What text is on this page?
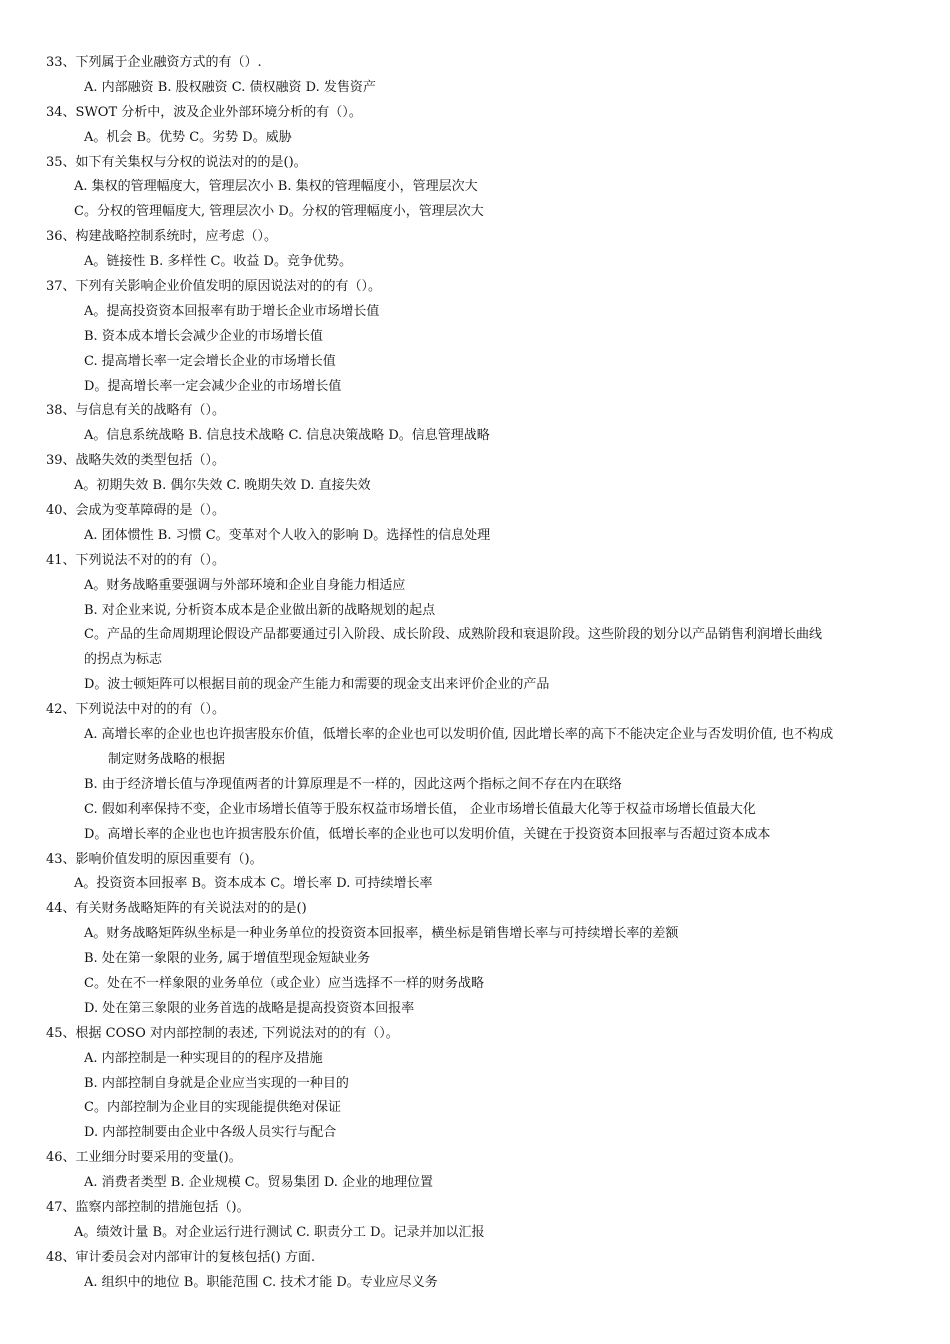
33、下列属于企业融资方式的有（）.
A. 内部融资 B. 股权融资 C. 债权融资 D. 发售资产
34、SWOT 分析中，波及企业外部环境分析的有（）。
A。机会 B。优势 C。劣势 D。威胁
35、如下有关集权与分权的说法对的的是()。
A. 集权的管理幅度大，管理层次小 B. 集权的管理幅度小，管理层次大
C。分权的管理幅度大, 管理层次小 D。分权的管理幅度小，管理层次大
36、构建战略控制系统时，应考虑（）。
A。链接性 B. 多样性 C。收益 D。竞争优势。
37、下列有关影响企业价值发明的原因说法对的的有（）。
A。提高投资资本回报率有助于增长企业市场增长值
B. 资本成本增长会减少企业的市场增长值
C. 提高增长率一定会增长企业的市场增长值
D。提高增长率一定会减少企业的市场增长值
38、与信息有关的战略有（）。
A。信息系统战略 B. 信息技术战略 C. 信息决策战略 D。信息管理战略
39、战略失效的类型包括（）。
A。初期失效 B. 偶尔失效 C. 晚期失效 D. 直接失效
40、会成为变革障碍的是（）。
A. 团体惯性 B. 习惯 C。变革对个人收入的影响 D。选择性的信息处理
41、下列说法不对的的有（）。
A。财务战略重要强调与外部环境和企业自身能力相适应
B. 对企业来说, 分析资本成本是企业做出新的战略规划的起点
C。产品的生命周期理论假设产品都要通过引入阶段、成长阶段、成熟阶段和衰退阶段。这些阶段的划分以产品销售利润增长曲线
的拐点为标志
D。波士顿矩阵可以根据目前的现金产生能力和需要的现金支出来评价企业的产品
42、下列说法中对的的有（）。
A. 高增长率的企业也也许损害股东价值，低增长率的企业也可以发明价值, 因此增长率的高下不能决定企业与否发明价值, 也不构成
制定财务战略的根据
B. 由于经济增长值与净现值两者的计算原理是不一样的，因此这两个指标之间不存在内在联络
C. 假如利率保持不变，企业市场增长值等于股东权益市场增长值， 企业市场增长值最大化等于权益市场增长值最大化
D。高增长率的企业也也许损害股东价值，低增长率的企业也可以发明价值，关键在于投资资本回报率与否超过资本成本
43、影响价值发明的原因重要有（)。
A。投资资本回报率 B。资本成本 C。增长率 D. 可持续增长率
44、有关财务战略矩阵的有关说法对的的是()
A。财务战略矩阵纵坐标是一种业务单位的投资资本回报率，横坐标是销售增长率与可持续增长率的差额
B. 处在第一象限的业务, 属于增值型现金短缺业务
C。处在不一样象限的业务单位（或企业）应当选择不一样的财务战略
D. 处在第三象限的业务首选的战略是提高投资资本回报率
45、根据 COSO 对内部控制的表述, 下列说法对的的有（）。
A. 内部控制是一种实现目的的程序及措施
B. 内部控制自身就是企业应当实现的一种目的
C。内部控制为企业目的实现能提供绝对保证
D. 内部控制要由企业中各级人员实行与配合
46、工业细分时要采用的变量()。
A. 消费者类型 B. 企业规模 C。贸易集团 D. 企业的地理位置
47、监察内部控制的措施包括（)。
A。绩效计量 B。对企业运行进行测试 C. 职责分工 D。记录并加以汇报
48、审计委员会对内部审计的复核包括() 方面.
A. 组织中的地位 B。职能范围 C. 技术才能 D。专业应尽义务
